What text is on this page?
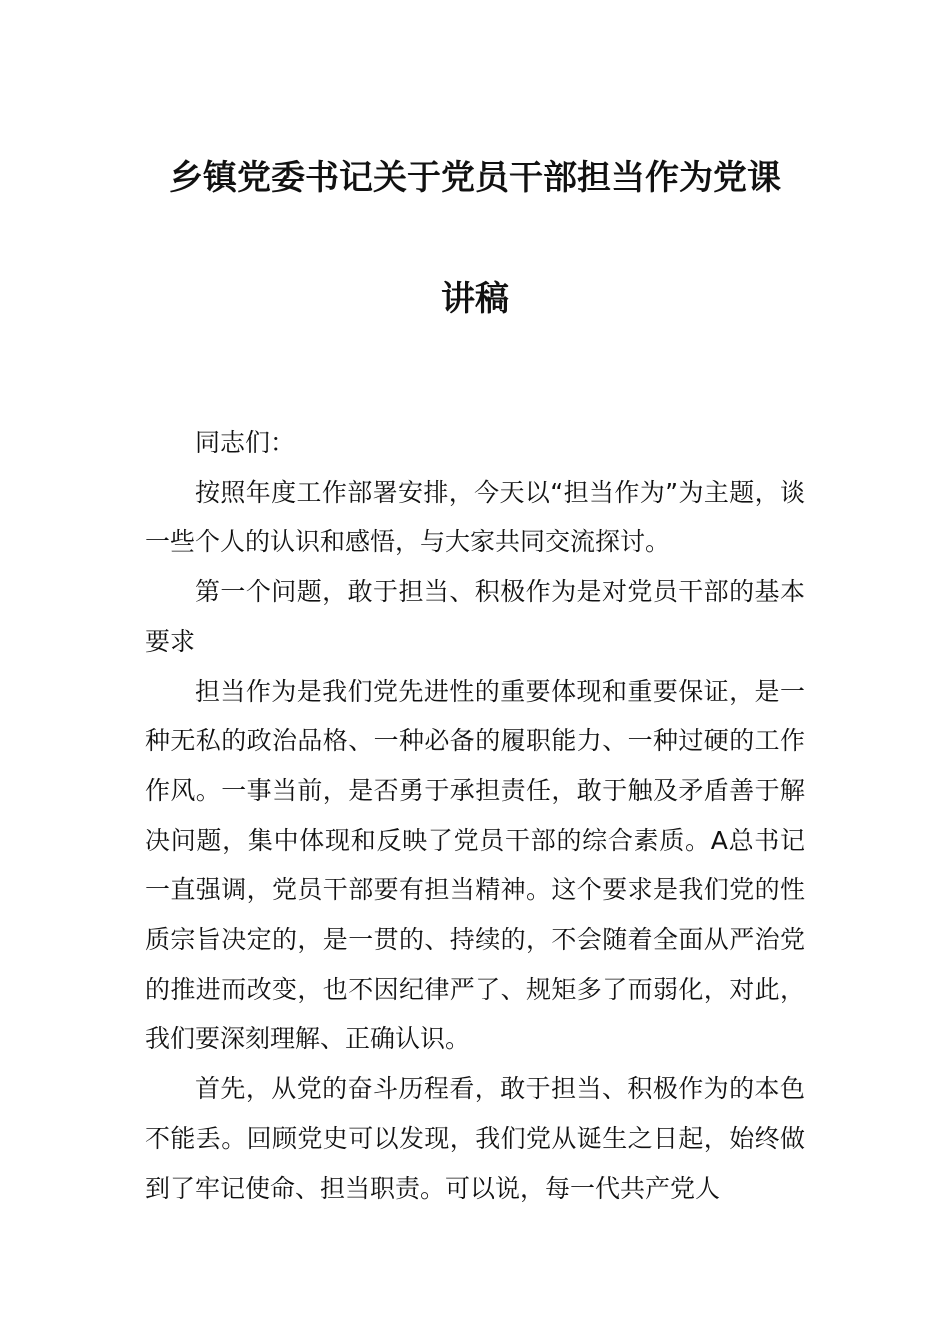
乡镇党委书记关于党员干部担当作为党课
讲稿

同志们：

按照年度工作部署安排，今天以“担当作为”为主题，谈一些个人的认识和感悟，与大家共同交流探讨。

第一个问题，敢于担当、积极作为是对党员干部的基本要求

担当作为是我们党先进性的重要体现和重要保证，是一种无私的政治品格、一种必备的履职能力、一种过硬的工作作风。一事当前，是否勇于承担责任，敢于触及矛盾善于解决问题，集中体现和反映了党员干部的综合素质。A总书记一直强调，党员干部要有担当精神。这个要求是我们党的性质宗旨决定的，是一贯的、持续的，不会随着全面从严治党的推进而改变，也不因纪律严了、规矩多了而弱化，对此，我们要深刻理解、正确认识。

首先，从党的奋斗历程看，敢于担当、积极作为的本色不能丢。回顾党史可以发现，我们党从诞生之日起，始终做到了牢记使命、担当职责。可以说，每一代共产党人
